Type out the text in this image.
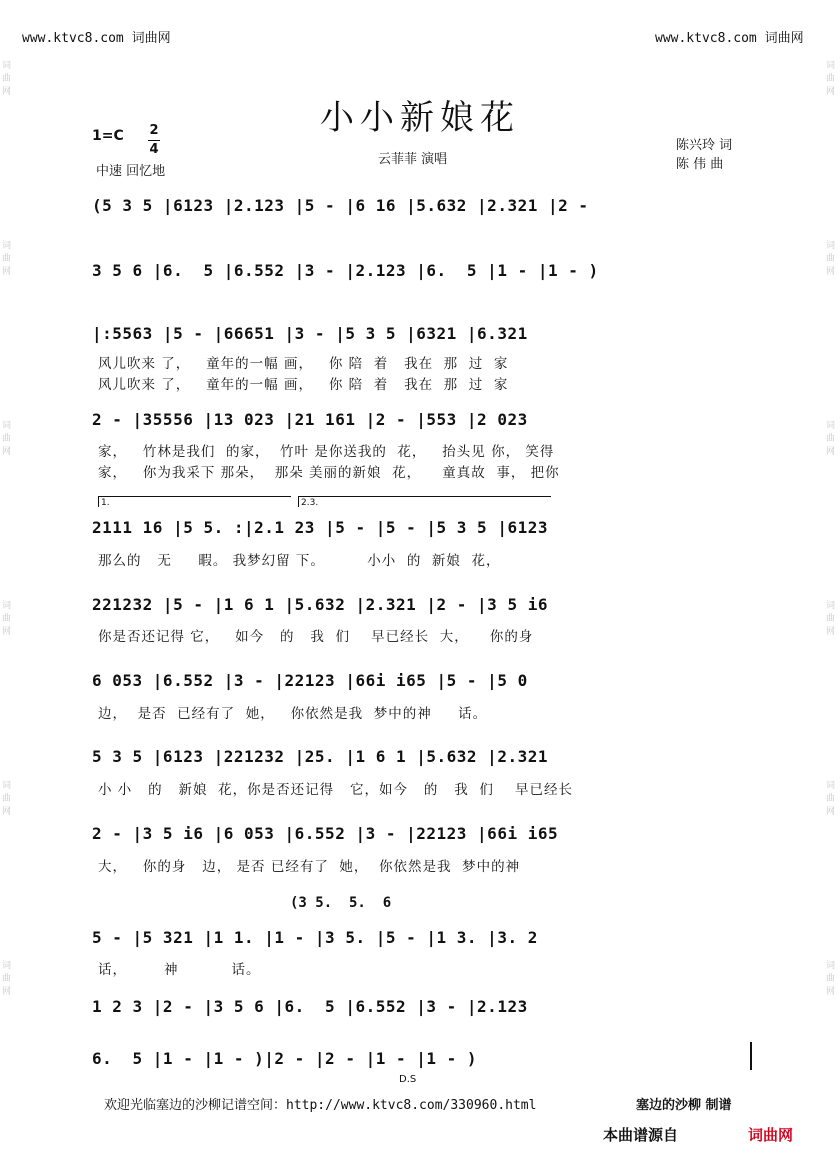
www.ktvc8.com 词曲网	www.ktvc8.com 词曲网
词曲网
词曲网
词曲网
词曲网
词曲网
词曲网
词曲网
词曲网
词曲网
词曲网
词曲网
词曲网
小小新娘花
1=C 2
4
中速 回忆地
云菲菲 演唱
陈兴玲 词
陈 伟 曲
(5 3 5 |6123 |2.123 |5 - |6 16 |5.632 |2.321 |2 -
3 5 6 |6.  5 |6.552 |3 - |2.123 |6.  5 |1 - |1 - )
|:5563 |5 - |66651 |3 - |5 3 5 |6321 |6.321
风儿吹来 了，   童年的一幅 画，   你 陪  着   我在  那  过  家
风儿吹来 了，   童年的一幅 画，   你 陪  着   我在  那  过  家
2 - |35556 |13 023 |21 161 |2 - |553 |2 023
家，   竹林是我们  的家，  竹叶 是你送我的  花，   抬头见 你， 笑得
家，   你为我采下 那朵，  那朵 美丽的新娘  花，    童真故  事， 把你
1.	2.3.
2111 16 |5 5. :|2.1 23 |5 - |5 - |5 3 5 |6123
那么的   无     暇。 我梦幻留 下。        小小  的  新娘  花，
221232 |5 - |1 6 1 |5.632 |2.321 |2 - |3 5 i6
你是否还记得 它，   如今   的   我  们    早已经长  大，    你的身
6 053 |6.552 |3 - |22123 |66i i65 |5 - |5 0
边，  是否  已经有了  她，   你依然是我  梦中的神     话。
5 3 5 |6123 |221232 |25. |1 6 1 |5.632 |2.321
小 小   的   新娘  花，你是否还记得   它，如今   的   我  们    早已经长
2 - |3 5 i6 |6 053 |6.552 |3 - |22123 |66i i65
大，   你的身   边， 是否 已经有了  她，  你依然是我  梦中的神
(3 5.  5.  6
5 - |5 321 |1 1. |1 - |3 5. |5 - |1 3. |3. 2
话，       神          话。
1 2 3 |2 - |3 5 6 |6.  5 |6.552 |3 - |2.123
6.  5 |1 - |1 - )|2 - |2 - |1 - |1 - )
D.S
欢迎光临塞边的沙柳记谱空间：http://www.ktvc8.com/330960.html	塞边的沙柳 制谱
本曲谱源自	词曲网
